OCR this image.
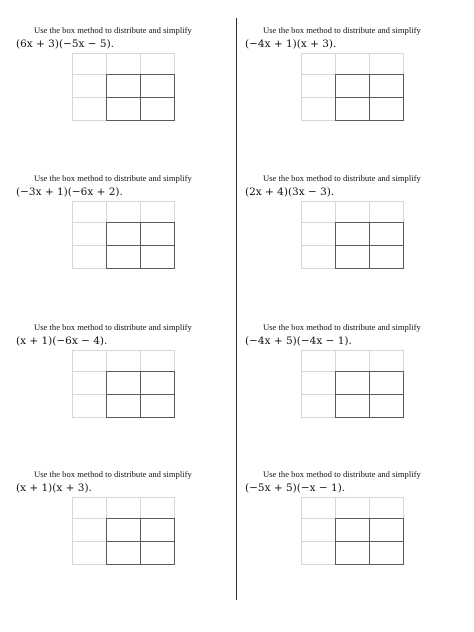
Use the box method to distribute and simplify
(6x + 3)(−5x − 5).
Use the box method to distribute and simplify
(−4x + 1)(x + 3).
Use the box method to distribute and simplify
(−3x + 1)(−6x + 2).
Use the box method to distribute and simplify
(2x + 4)(3x − 3).
Use the box method to distribute and simplify
(x + 1)(−6x − 4).
Use the box method to distribute and simplify
(−4x + 5)(−4x − 1).
Use the box method to distribute and simplify
(x + 1)(x + 3).
Use the box method to distribute and simplify
(−5x + 5)(−x − 1).
